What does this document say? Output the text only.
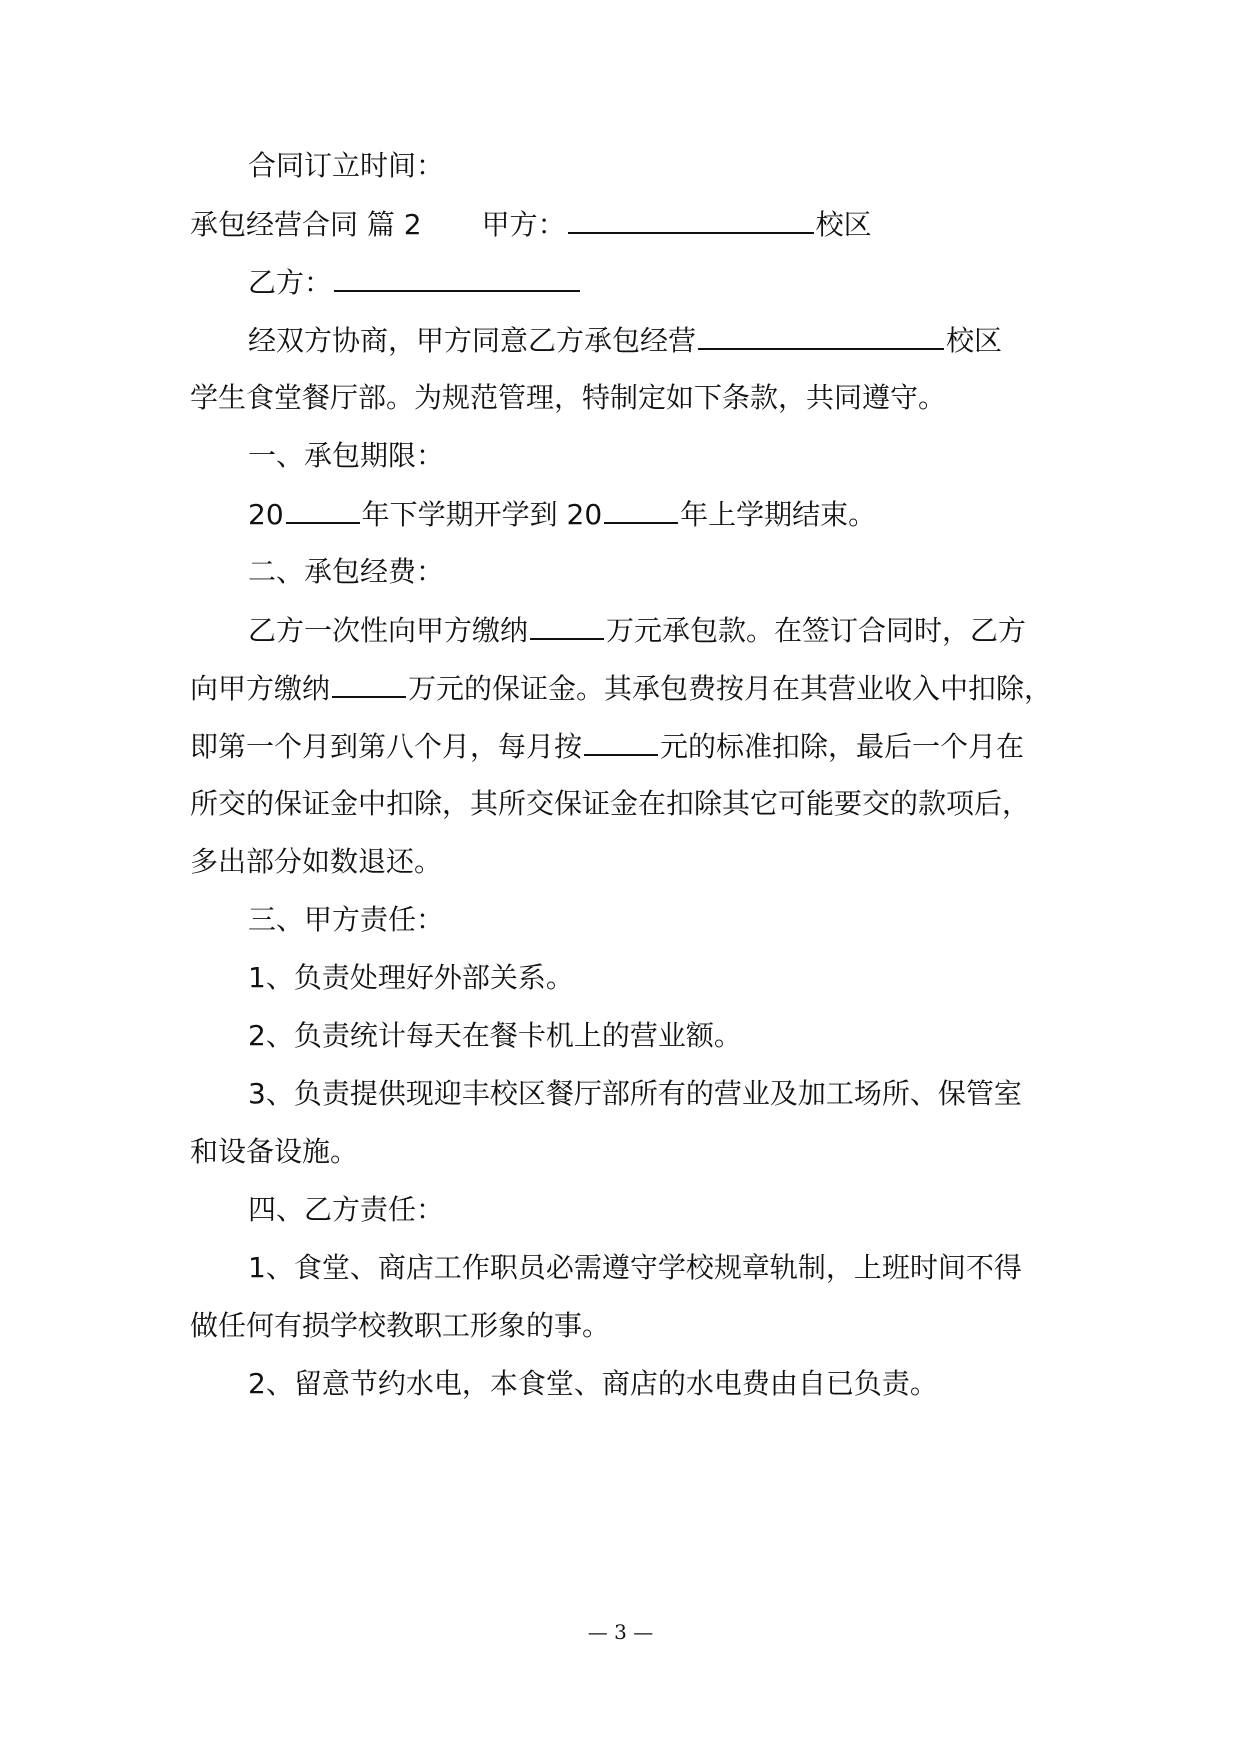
合同订立时间：
承包经营合同 篇 2 甲方：	校区
乙方：
经双方协商，甲方同意乙方承包经营	校区
学生食堂餐厅部。为规范管理，特制定如下条款，共同遵守。
一、承包期限：
20	年下学期开学到 20	年上学期结束。
二、承包经费：
乙方一次性向甲方缴纳	万元承包款。在签订合同时，乙方
向甲方缴纳	万元的保证金。其承包费按月在其营业收入中扣除，
即第一个月到第八个月，每月按	元的标准扣除，最后一个月在
所交的保证金中扣除，其所交保证金在扣除其它可能要交的款项后，
多出部分如数退还。
三、甲方责任：
1、负责处理好外部关系。
2、负责统计每天在餐卡机上的营业额。
3、负责提供现迎丰校区餐厅部所有的营业及加工场所、保管室
和设备设施。
四、乙方责任：
1、食堂、商店工作职员必需遵守学校规章轨制，上班时间不得
做任何有损学校教职工形象的事。
2、留意节约水电，本食堂、商店的水电费由自已负责。
— 3 —
